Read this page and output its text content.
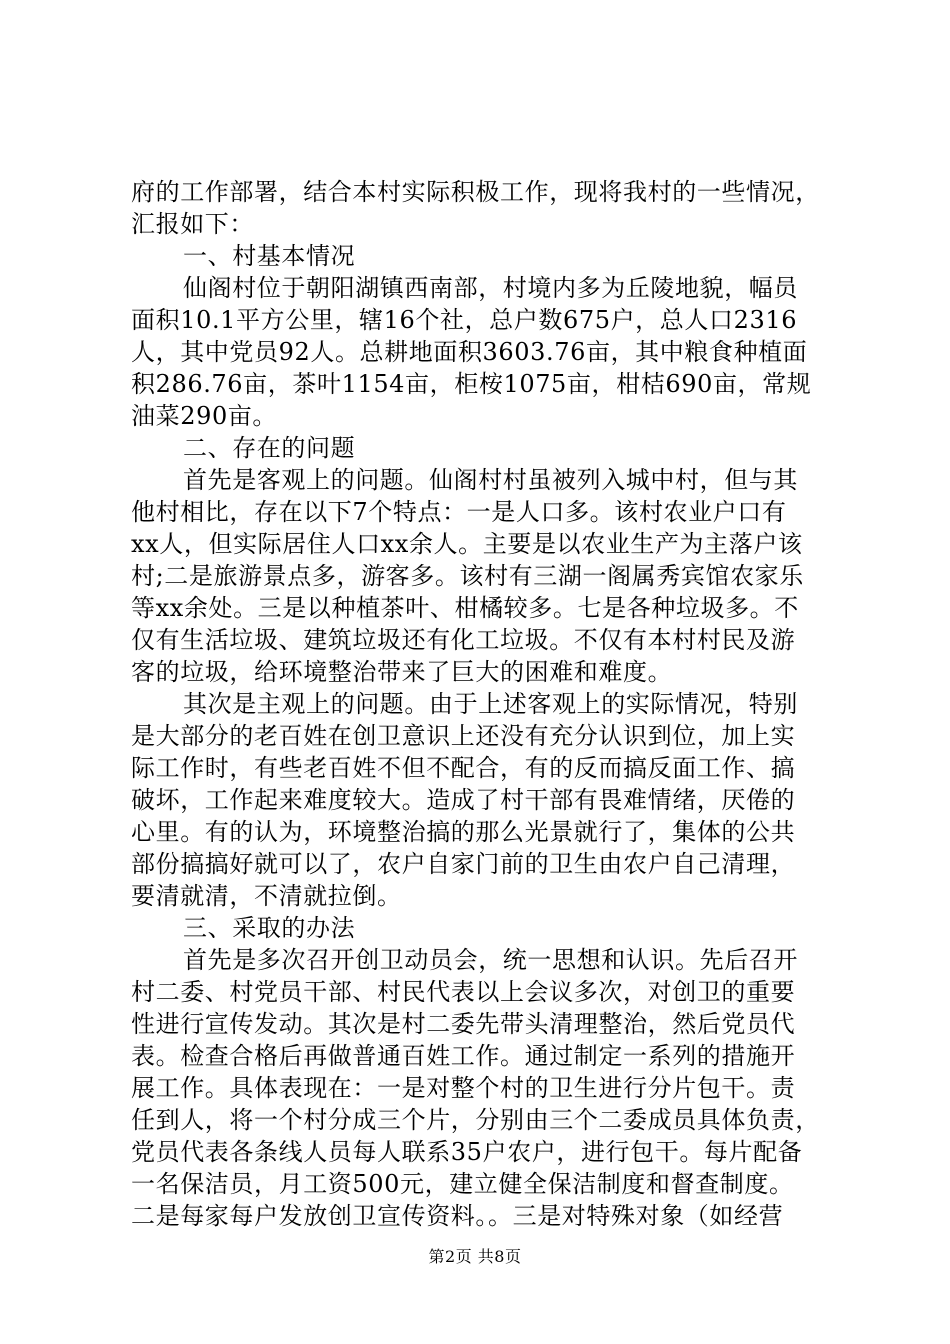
府的工作部署，结合本村实际积极工作，现将我村的一些情况，
汇报如下：
一、村基本情况
仙阁村位于朝阳湖镇西南部，村境内多为丘陵地貌，幅员
面积10.1平方公里，辖16个社，总户数675户，总人口2316
人，其中党员92人。总耕地面积3603.76亩，其中粮食种植面
积286.76亩，茶叶1154亩，柜桉1075亩，柑桔690亩，常规
油菜290亩。
二、存在的问题
首先是客观上的问题。仙阁村村虽被列入城中村，但与其
他村相比，存在以下7个特点：一是人口多。该村农业户口有
xx人，但实际居住人口xx余人。主要是以农业生产为主落户该
村;二是旅游景点多，游客多。该村有三湖一阁属秀宾馆农家乐
等xx余处。三是以种植茶叶、柑橘较多。七是各种垃圾多。不
仅有生活垃圾、建筑垃圾还有化工垃圾。不仅有本村村民及游
客的垃圾，给环境整治带来了巨大的困难和难度。
其次是主观上的问题。由于上述客观上的实际情况，特别
是大部分的老百姓在创卫意识上还没有充分认识到位，加上实
际工作时，有些老百姓不但不配合，有的反而搞反面工作、搞
破坏，工作起来难度较大。造成了村干部有畏难情绪，厌倦的
心里。有的认为，环境整治搞的那么光景就行了，集体的公共
部份搞搞好就可以了，农户自家门前的卫生由农户自己清理，
要清就清，不清就拉倒。
三、采取的办法
首先是多次召开创卫动员会，统一思想和认识。先后召开
村二委、村党员干部、村民代表以上会议多次，对创卫的重要
性进行宣传发动。其次是村二委先带头清理整治，然后党员代
表。检查合格后再做普通百姓工作。通过制定一系列的措施开
展工作。具体表现在：一是对整个村的卫生进行分片包干。责
任到人，将一个村分成三个片，分别由三个二委成员具体负责，
党员代表各条线人员每人联系35户农户，进行包干。每片配备
一名保洁员，月工资500元，建立健全保洁制度和督查制度。
二是每家每户发放创卫宣传资料。。三是对特殊对象（如经营
第2页 共8页
